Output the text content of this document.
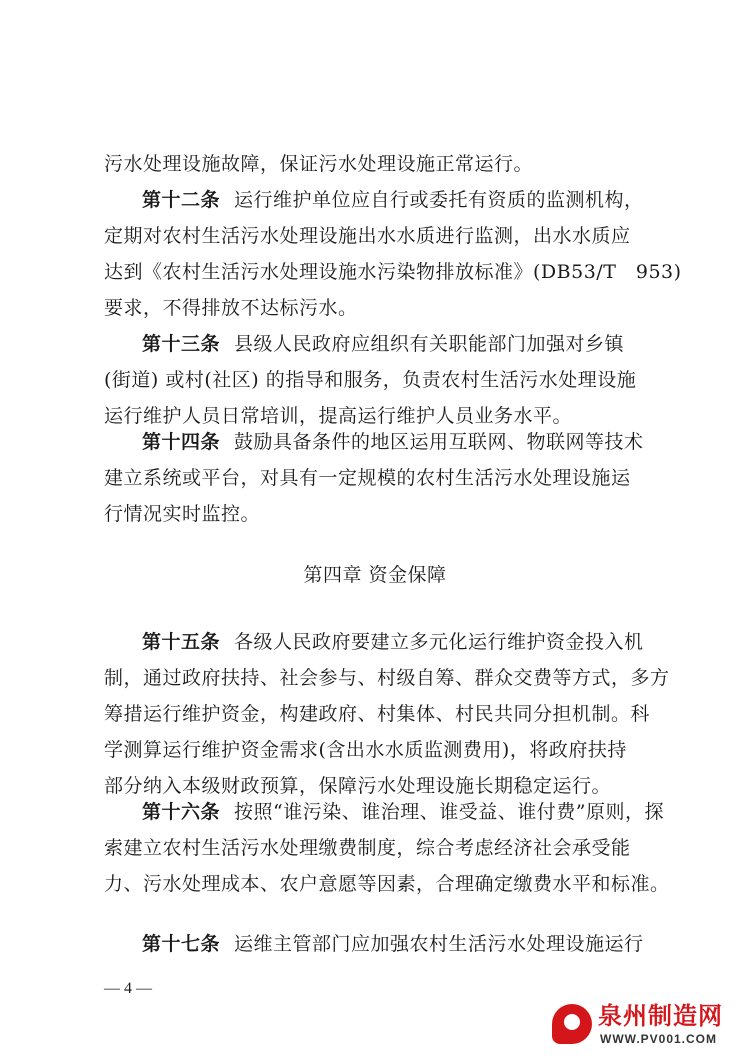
污水处理设施故障，保证污水处理设施正常运行。
第十二条 运行维护单位应自行或委托有资质的监测机构，
定期对农村生活污水处理设施出水水质进行监测，出水水质应
达到《农村生活污水处理设施水污染物排放标准》(DB53/T　953)
要求，不得排放不达标污水。
第十三条 县级人民政府应组织有关职能部门加强对乡镇
(街道) 或村(社区) 的指导和服务，负责农村生活污水处理设施
运行维护人员日常培训，提高运行维护人员业务水平。
第十四条 鼓励具备条件的地区运用互联网、物联网等技术
建立系统或平台，对具有一定规模的农村生活污水处理设施运
行情况实时监控。
第四章 资金保障
第十五条 各级人民政府要建立多元化运行维护资金投入机
制，通过政府扶持、社会参与、村级自筹、群众交费等方式，多方
筹措运行维护资金，构建政府、村集体、村民共同分担机制。科
学测算运行维护资金需求(含出水水质监测费用)，将政府扶持
部分纳入本级财政预算，保障污水处理设施长期稳定运行。
第十六条 按照“谁污染、谁治理、谁受益、谁付费”原则，探
索建立农村生活污水处理缴费制度，综合考虑经济社会承受能
力、污水处理成本、农户意愿等因素，合理确定缴费水平和标准。
第十七条 运维主管部门应加强农村生活污水处理设施运行
— 4 —
泉州制造网
WWW.PV001.COM
